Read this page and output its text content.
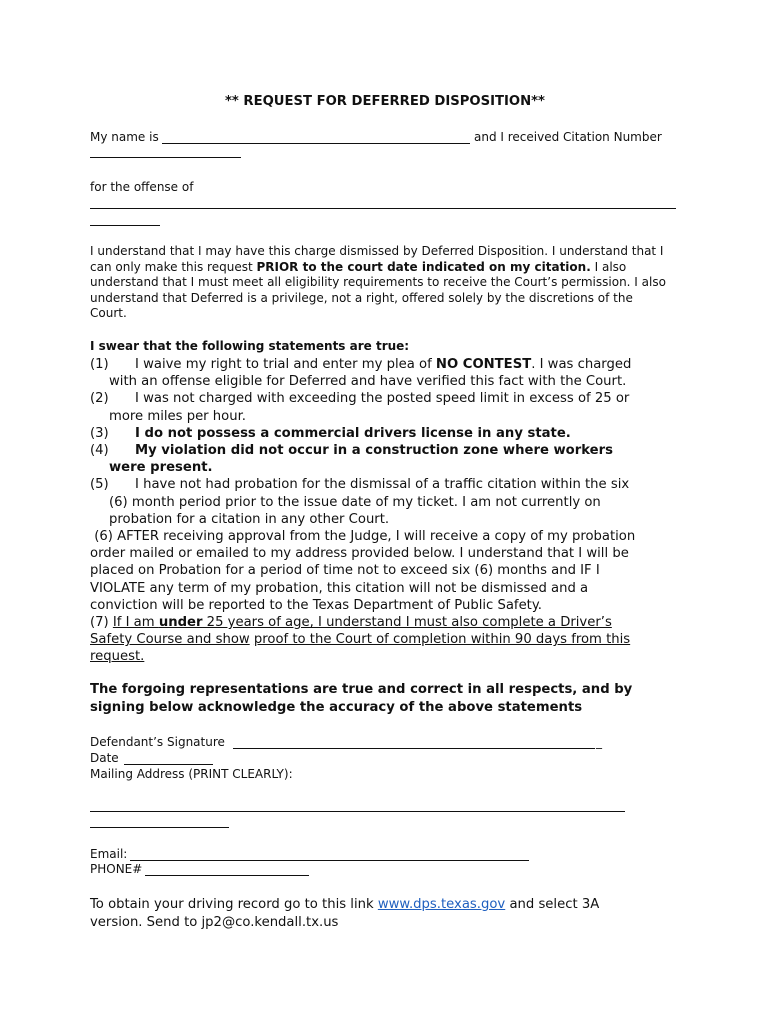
** REQUEST FOR DEFERRED DISPOSITION**
My name is	and I received Citation Number
for the offense of

I understand that I may have this charge dismissed by Deferred Disposition. I understand that I can only make this request PRIOR to the court date indicated on my citation. I also understand that I must meet all eligibility requirements to receive the Court’s permission. I also understand that Deferred is a privilege, not a right, offered solely by the discretions of the Court.

I swear that the following statements are true:

(1) I waive my right to trial and enter my plea of NO CONTEST. I was charged

with an offense eligible for Deferred and have verified this fact with the Court.

(2) I was not charged with exceeding the posted speed limit in excess of 25 or

more miles per hour.

(3) I do not possess a commercial drivers license in any state.

(4) My violation did not occur in a construction zone where workers

were present.

(5) I have not had probation for the dismissal of a traffic citation within the six

(6) month period prior to the issue date of my ticket. I am not currently on

probation for a citation in any other Court.

(6) AFTER receiving approval from the Judge, I will receive a copy of my probation

order mailed or emailed to my address provided below. I understand that I will be

placed on Probation for a period of time not to exceed six (6) months and IF I

VIOLATE any term of my probation, this citation will not be dismissed and a

conviction will be reported to the Texas Department of Public Safety.

(7) If I am under 25 years of age, I understand I must also complete a Driver’s

Safety Course and show proof to the Court of completion within 90 days from this

request.

The forgoing representations are true and correct in all respects, and by
signing below acknowledge the accuracy of the above statements
Defendant’s Signature	_
Date
Mailing Address (PRINT CLEARLY):
Email:
PHONE#
To obtain your driving record go to this link www.dps.texas.gov and select 3A
version. Send to jp2@co.kendall.tx.us
